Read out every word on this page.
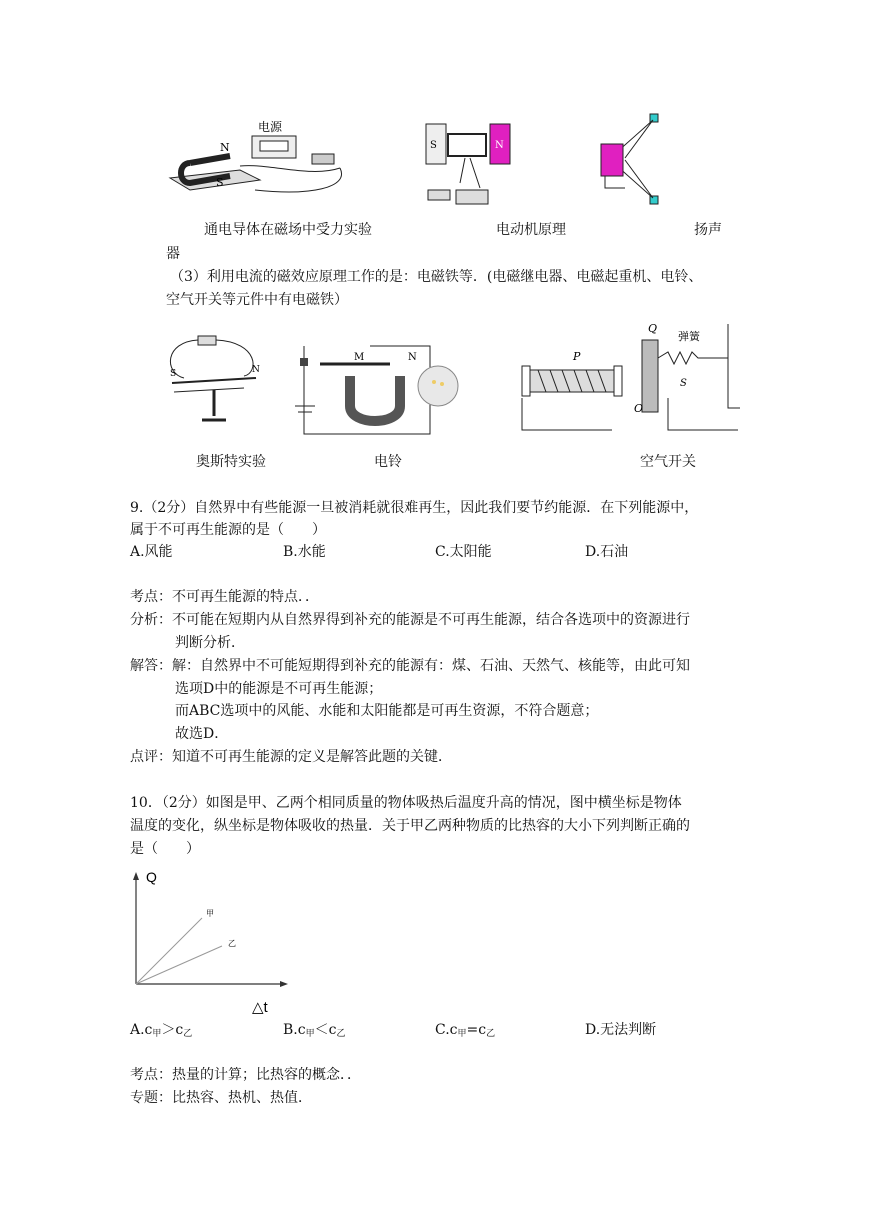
电源
N
S
S	N
通电导体在磁场中受力实验	电动机原理	扬声
器
（3）利用电流的磁效应原理工作的是：电磁铁等．(电磁继电器、电磁起重机、电铃、
空气开关等元件中有电磁铁）
S	N
M	N	P
Q
弹簧
S
O
奥斯特实验	电铃	空气开关
9.（2分）自然界中有些能源一旦被消耗就很难再生，因此我们要节约能源．在下列能源中，
属于不可再生能源的是（　　）
A.风能	B.水能	C.太阳能	D.石油
考点：不可再生能源的特点．．
分析：不可能在短期内从自然界得到补充的能源是不可再生能源，结合各选项中的资源进行
判断分析．
解答：解：自然界中不可能短期得到补充的能源有：煤、石油、天然气、核能等，由此可知
选项D中的能源是不可再生能源；
而ABC选项中的风能、水能和太阳能都是可再生资源，不符合题意；
故选D．
点评：知道不可再生能源的定义是解答此题的关键．
10．（2分）如图是甲、乙两个相同质量的物体吸热后温度升高的情况，图中横坐标是物体
温度的变化，纵坐标是物体吸收的热量．关于甲乙两种物质的比热容的大小下列判断正确的
是（　　）
Q
△t
甲
乙
$A.c_甲>c_乙$	$B.c_甲<c_乙$	$C.c_甲=c_乙$	D.无法判断
考点：热量的计算；比热容的概念．．
专题：比热容、热机、热值．
